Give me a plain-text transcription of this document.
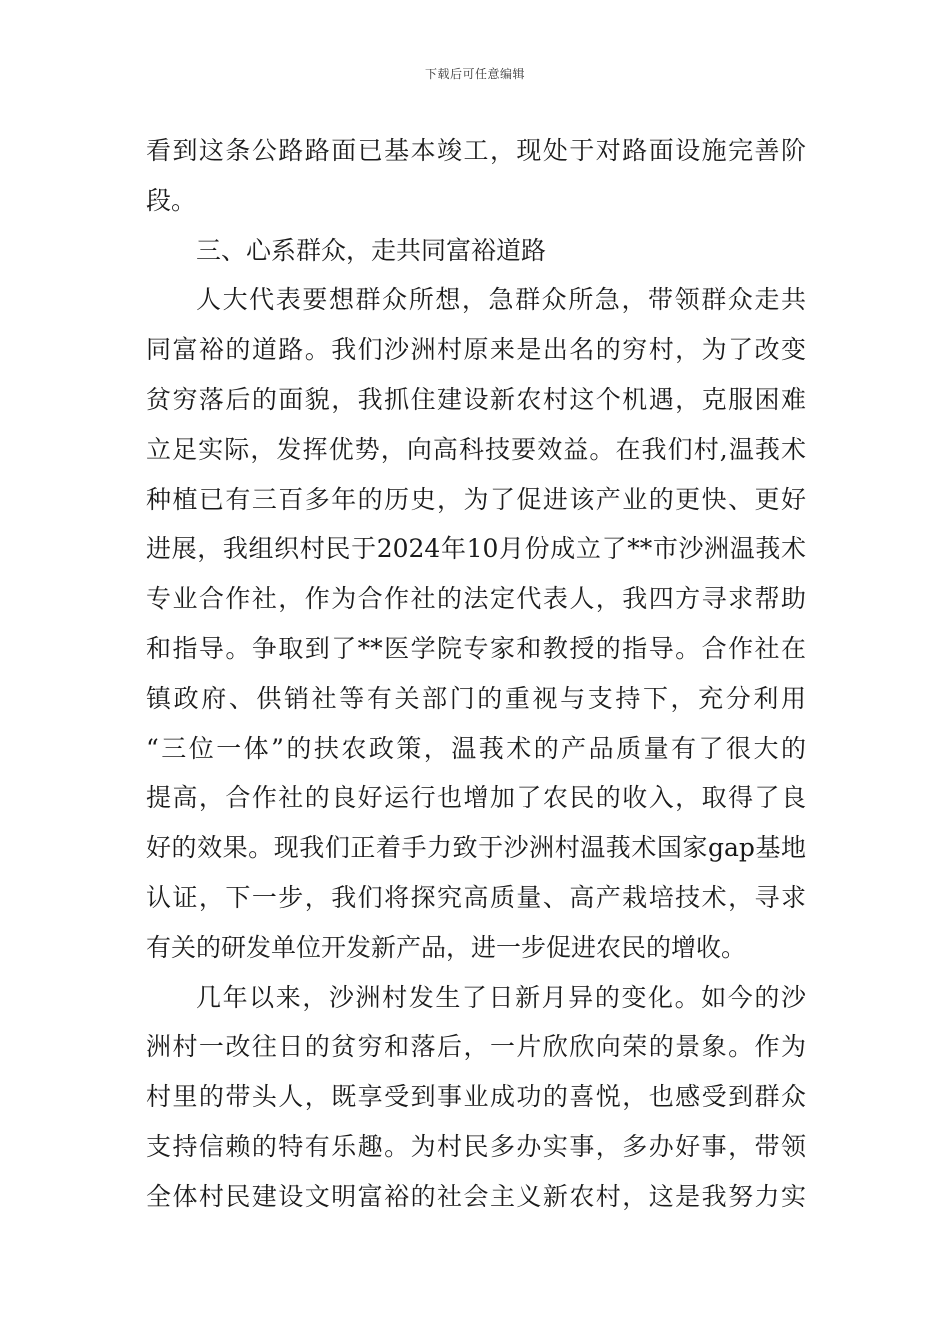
下载后可任意编辑
看到这条公路路面已基本竣工，现处于对路面设施完善阶
段。
三、心系群众，走共同富裕道路
人大代表要想群众所想，急群众所急，带领群众走共
同富裕的道路。我们沙洲村原来是出名的穷村，为了改变
贫穷落后的面貌，我抓住建设新农村这个机遇，克服困难
立足实际，发挥优势，向高科技要效益。在我们村,温莪术
种植已有三百多年的历史，为了促进该产业的更快、更好
进展，我组织村民于2024年10月份成立了**市沙洲温莪术
专业合作社，作为合作社的法定代表人，我四方寻求帮助
和指导。争取到了**医学院专家和教授的指导。合作社在
镇政府、供销社等有关部门的重视与支持下，充分利用
“三位一体”的扶农政策，温莪术的产品质量有了很大的
提高，合作社的良好运行也增加了农民的收入，取得了良
好的效果。现我们正着手力致于沙洲村温莪术国家gap基地
认证，下一步，我们将探究高质量、高产栽培技术，寻求
有关的研发单位开发新产品，进一步促进农民的增收。
几年以来，沙洲村发生了日新月异的变化。如今的沙
洲村一改往日的贫穷和落后，一片欣欣向荣的景象。作为
村里的带头人，既享受到事业成功的喜悦，也感受到群众
支持信赖的特有乐趣。为村民多办实事，多办好事，带领
全体村民建设文明富裕的社会主义新农村，这是我努力实
